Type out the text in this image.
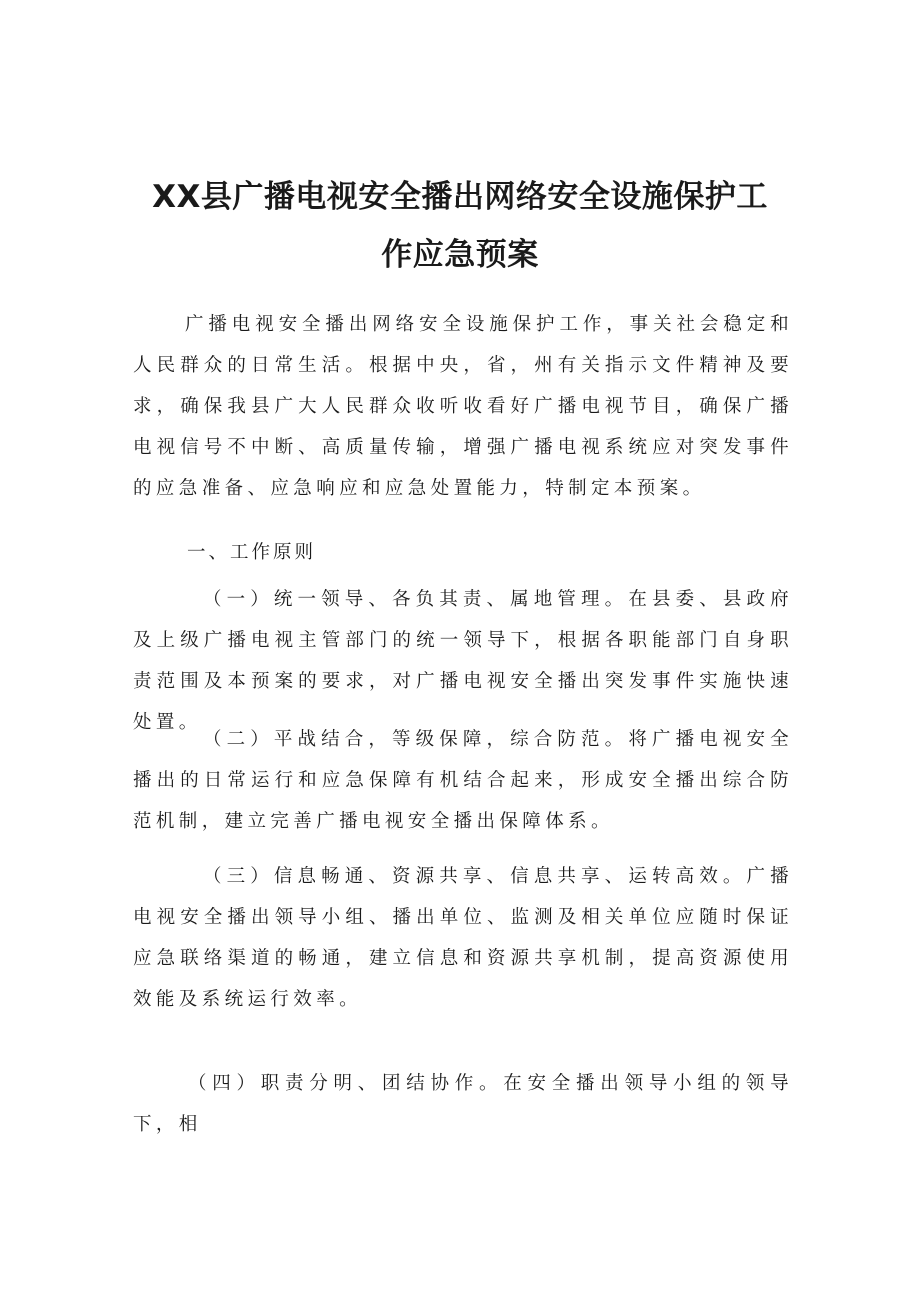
XX县广播电视安全播出网络安全设施保护工
作应急预案
广播电视安全播出网络安全设施保护工作，事关社会稳定和人民群众的日常生活。根据中央，省，州有关指示文件精神及要求，确保我县广大人民群众收听收看好广播电视节目，确保广播电视信号不中断、高质量传输，增强广播电视系统应对突发事件的应急准备、应急响应和应急处置能力，特制定本预案。
一、工作原则
（一）统一领导、各负其责、属地管理。在县委、县政府及上级广播电视主管部门的统一领导下，根据各职能部门自身职责范围及本预案的要求，对广播电视安全播出突发事件实施快速处置。
（二）平战结合，等级保障，综合防范。将广播电视安全播出的日常运行和应急保障有机结合起来，形成安全播出综合防范机制，建立完善广播电视安全播出保障体系。
（三）信息畅通、资源共享、信息共享、运转高效。广播电视安全播出领导小组、播出单位、监测及相关单位应随时保证应急联络渠道的畅通，建立信息和资源共享机制，提高资源使用效能及系统运行效率。
（四）职责分明、团结协作。在安全播出领导小组的领导下，相
